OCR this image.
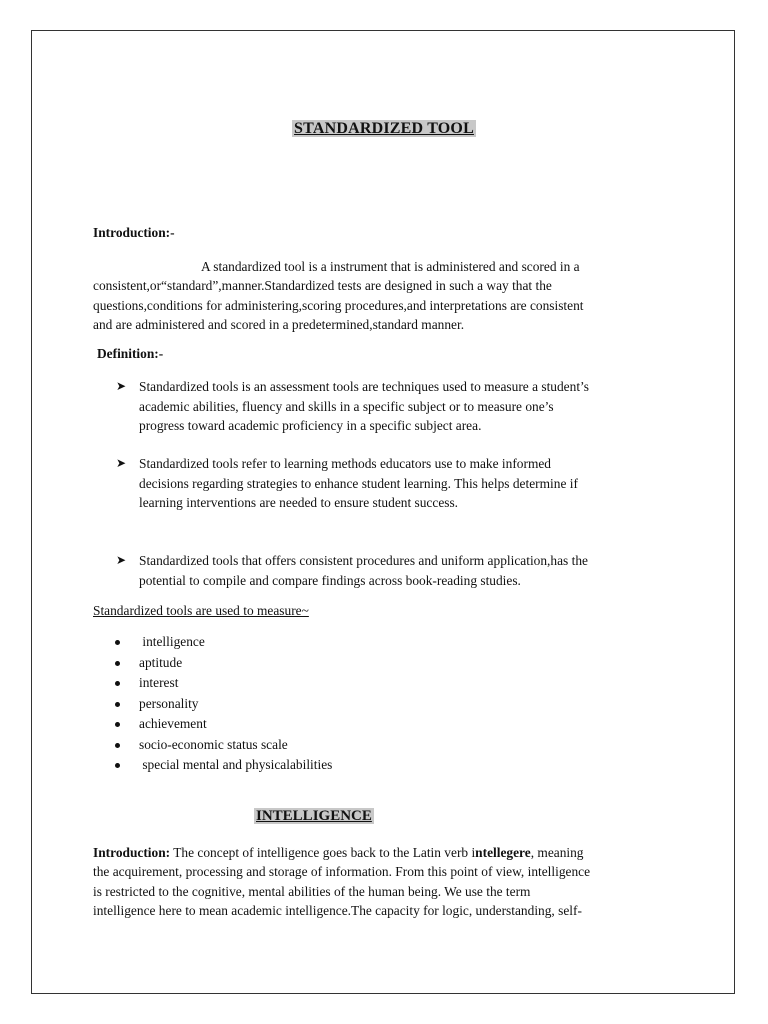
STANDARDIZED TOOL
Introduction:-
A standardized tool is a instrument that is administered and scored in a
consistent,or“standard”,manner.Standardized tests are designed in such a way that the
questions,conditions for administering,scoring procedures,and interpretations are consistent
and are administered and scored in a predetermined,standard manner.
Definition:-
➤ Standardized tools is an assessment tools are techniques used to measure a student’s
academic abilities, fluency and skills in a specific subject or to measure one’s
progress toward academic proficiency in a specific subject area.
➤ Standardized tools refer to learning methods educators use to make informed
decisions regarding strategies to enhance student learning. This helps determine if
learning interventions are needed to ensure student success.
➤ Standardized tools that offers consistent procedures and uniform application,has the
potential to compile and compare findings across book-reading studies.
Standardized tools are used to measure~
intelligence
aptitude
interest
personality
achievement
socio-economic status scale
special mental and physicalabilities
INTELLIGENCE
Introduction: The concept of intelligence goes back to the Latin verb intellegere, meaning
the acquirement, processing and storage of information. From this point of view, intelligence
is restricted to the cognitive, mental abilities of the human being. We use the term
intelligence here to mean academic intelligence.The capacity for logic, understanding, self-
